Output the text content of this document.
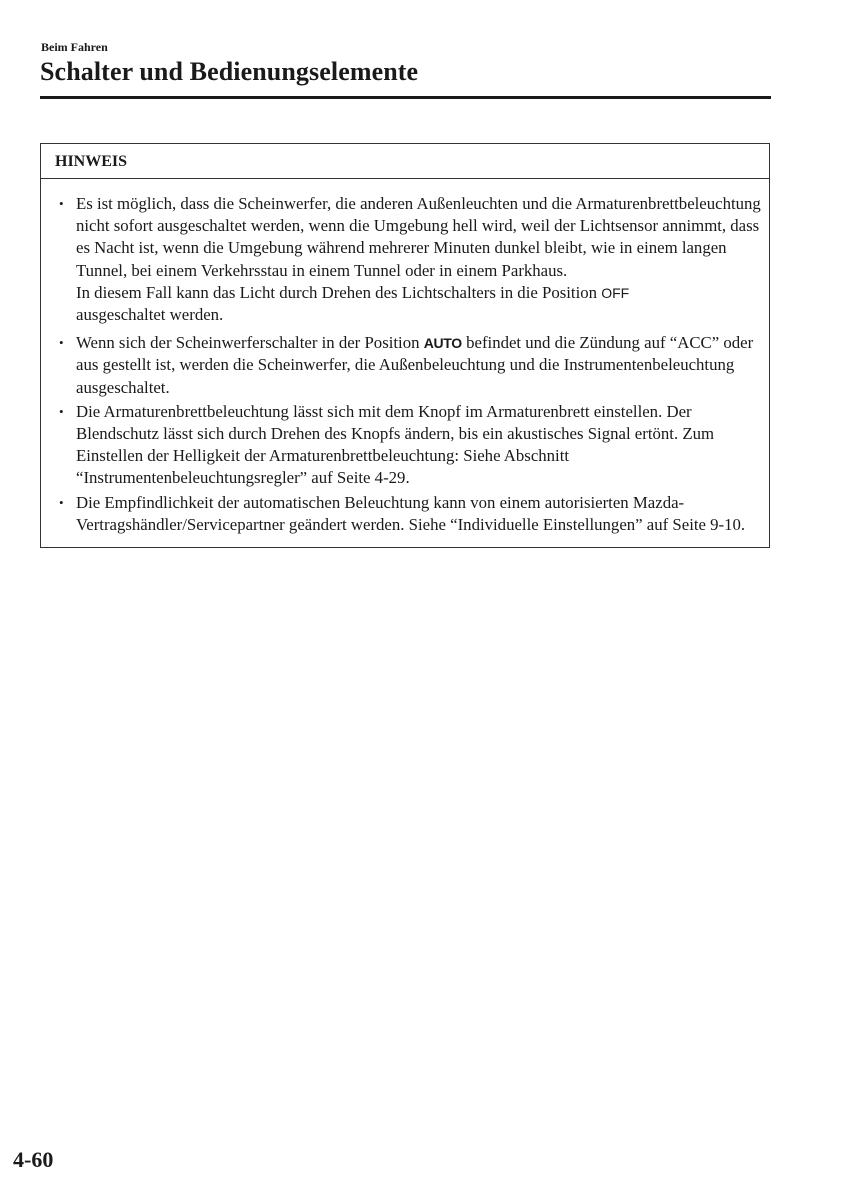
Beim Fahren
Schalter und Bedienungselemente
HINWEIS
• Es ist möglich, dass die Scheinwerfer, die anderen Außenleuchten und die Armaturenbrettbeleuchtung nicht sofort ausgeschaltet werden, wenn die Umgebung hell wird, weil der Lichtsensor annimmt, dass es Nacht ist, wenn die Umgebung während mehrerer Minuten dunkel bleibt, wie in einem langen Tunnel, bei einem Verkehrsstau in einem Tunnel oder in einem Parkhaus.
In diesem Fall kann das Licht durch Drehen des Lichtschalters in die Position OFF
ausgeschaltet werden.
• Wenn sich der Scheinwerferschalter in der Position AUTO befindet und die Zündung auf “ACC” oder aus gestellt ist, werden die Scheinwerfer, die Außenbeleuchtung und die Instrumentenbeleuchtung ausgeschaltet.
• Die Armaturenbrettbeleuchtung lässt sich mit dem Knopf im Armaturenbrett einstellen. Der Blendschutz lässt sich durch Drehen des Knopfs ändern, bis ein akustisches Signal ertönt. Zum Einstellen der Helligkeit der Armaturenbrettbeleuchtung: Siehe Abschnitt “Instrumentenbeleuchtungsregler” auf Seite 4-29.
• Die Empfindlichkeit der automatischen Beleuchtung kann von einem autorisierten Mazda-Vertragshändler/Servicepartner geändert werden. Siehe “Individuelle Einstellungen” auf Seite 9-10.
4-60
